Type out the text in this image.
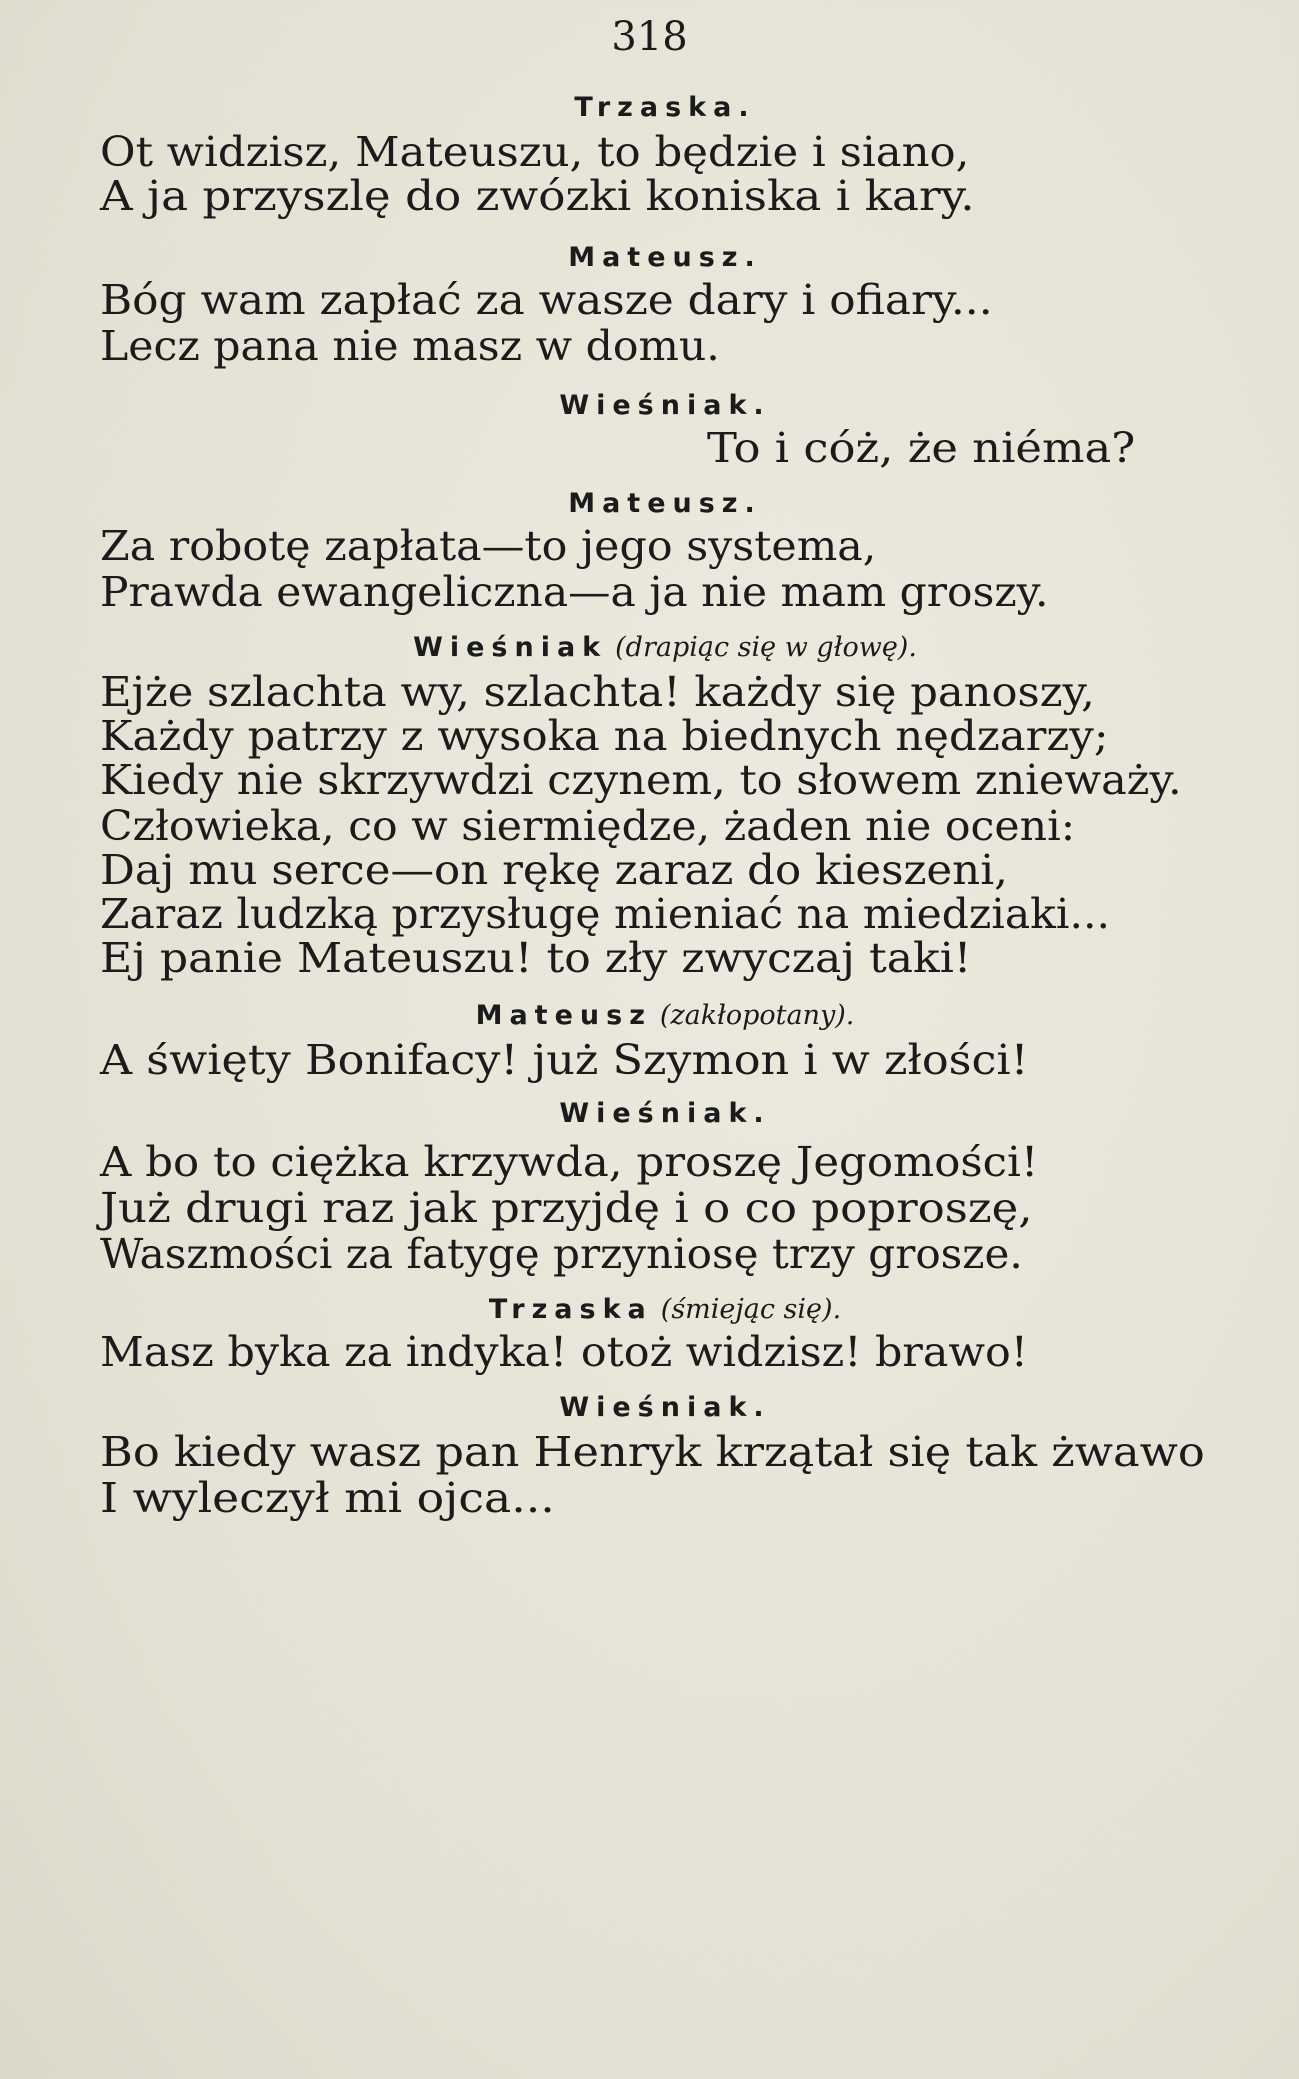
318
Trzaska.
Ot widzisz, Mateuszu, to będzie i siano,
A ja przyszlę do zwózki koniska i kary.
Mateusz.
Bóg wam zapłać za wasze dary i ofiary...
Lecz pana nie masz w domu.
Wieśniak.
To i cóż, że niéma?
Mateusz.
Za robotę zapłata—to jego systema,
Prawda ewangeliczna—a ja nie mam groszy.
Wieśniak (drapiąc się w głowę).
Ejże szlachta wy, szlachta! każdy się panoszy,
Każdy patrzy z wysoka na biednych nędzarzy;
Kiedy nie skrzywdzi czynem, to słowem znieważy.
Człowieka, co w siermiędze, żaden nie oceni:
Daj mu serce—on rękę zaraz do kieszeni,
Zaraz ludzką przysługę mieniać na miedziaki...
Ej panie Mateuszu! to zły zwyczaj taki!
Mateusz (zakłopotany).
A święty Bonifacy! już Szymon i w złości!
Wieśniak.
A bo to ciężka krzywda, proszę Jegomości!
Już drugi raz jak przyjdę i o co poproszę,
Waszmości za fatygę przyniosę trzy grosze.
Trzaska (śmiejąc się).
Masz byka za indyka! otoż widzisz! brawo!
Wieśniak.
Bo kiedy wasz pan Henryk krzątał się tak żwawo
I wyleczył mi ojca...
